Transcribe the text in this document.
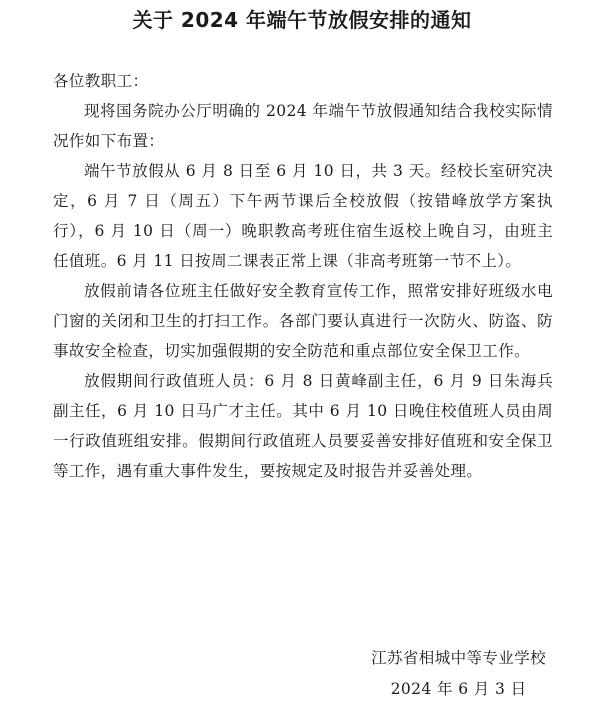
关于 2024 年端午节放假安排的通知

各位教职工：

现将国务院办公厅明确的 2024 年端午节放假通知结合我校实际情况作如下布置：

端午节放假从 6 月 8 日至 6 月 10 日，共 3 天。经校长室研究决定，6 月 7 日（周五）下午两节课后全校放假（按错峰放学方案执行），6 月 10 日（周一）晚职教高考班住宿生返校上晚自习，由班主任值班。6 月 11 日按周二课表正常上课（非高考班第一节不上）。

放假前请各位班主任做好安全教育宣传工作，照常安排好班级水电门窗的关闭和卫生的打扫工作。各部门要认真进行一次防火、防盗、防事故安全检查，切实加强假期的安全防范和重点部位安全保卫工作。

放假期间行政值班人员：6 月 8 日黄峰副主任，6 月 9 日朱海兵副主任，6 月 10 日马广才主任。其中 6 月 10 日晚住校值班人员由周一行政值班组安排。假期间行政值班人员要妥善安排好值班和安全保卫等工作，遇有重大事件发生，要按规定及时报告并妥善处理。

江苏省相城中等专业学校
2024 年 6 月 3 日
